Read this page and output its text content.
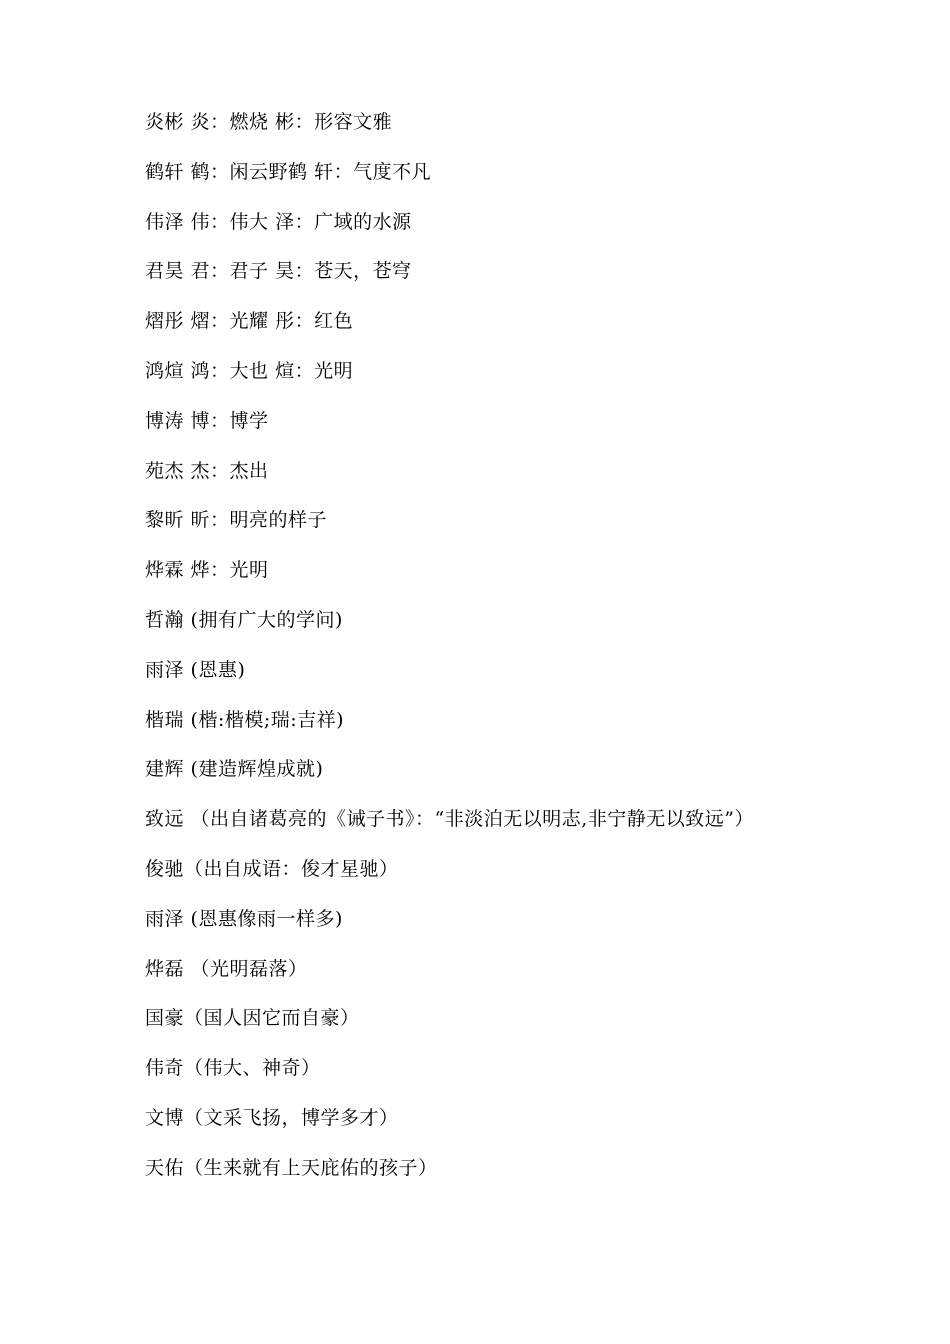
炎彬 炎：燃烧 彬：形容文雅
鹤轩 鹤：闲云野鹤 轩：气度不凡
伟泽 伟：伟大 泽：广域的水源
君昊 君：君子 昊：苍天，苍穹
熠彤 熠：光耀 彤：红色
鸿煊 鸿：大也 煊：光明
博涛 博：博学
苑杰 杰：杰出
黎昕 昕：明亮的样子
烨霖 烨：光明
哲瀚 (拥有广大的学问)
雨泽 (恩惠)
楷瑞 (楷:楷模;瑞:吉祥)
建辉 (建造辉煌成就)
致远 （出自诸葛亮的《诫子书》：“非淡泊无以明志,非宁静无以致远”）
俊驰（出自成语：俊才星驰）
雨泽 (恩惠像雨一样多)
烨磊 （光明磊落）
国豪（国人因它而自豪）
伟奇（伟大、神奇）
文博（文采飞扬，博学多才）
天佑（生来就有上天庇佑的孩子）
